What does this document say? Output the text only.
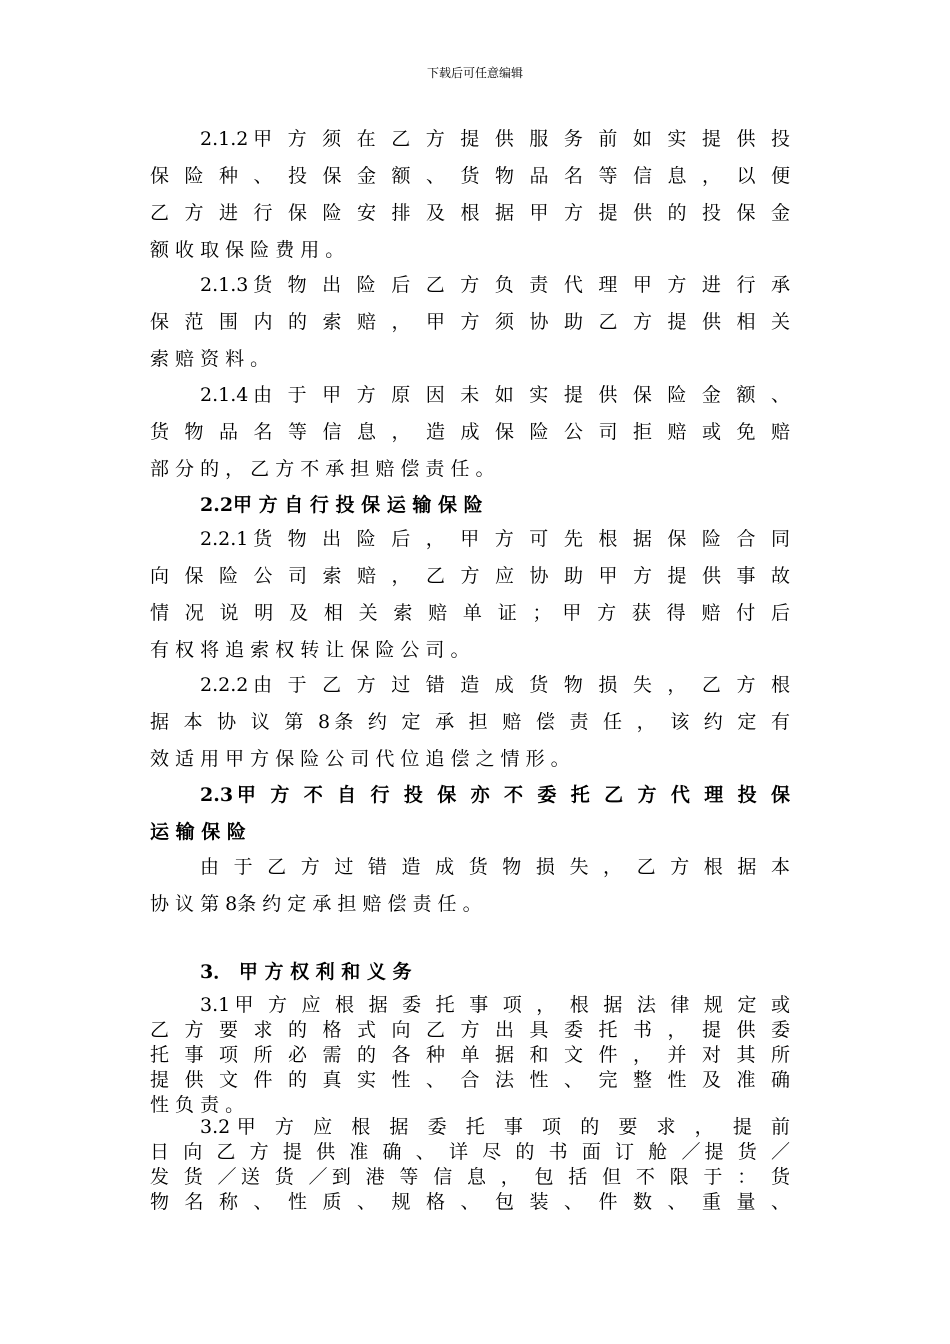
下载后可任意编辑
2.1.2甲 方 须 在 乙 方 提 供 服 务 前 如 实 提 供 投
保 险 种 、 投 保 金 额 、 货 物 品 名 等 信 息 ， 以 便
乙 方 进 行 保 险 安 排 及 根 据 甲 方 提 供 的 投 保 金
额 收 取 保 险 费 用 。
2.1.3货 物 出 险 后 乙 方 负 责 代 理 甲 方 进 行 承
保 范 围 内 的 索 赔 ， 甲 方 须 协 助 乙 方 提 供 相 关
索 赔 资 料 。
2.1.4由 于 甲 方 原 因 未 如 实 提 供 保 险 金 额 、
货 物 品 名 等 信 息 ， 造 成 保 险 公 司 拒 赔 或 免 赔
部 分 的 ， 乙 方 不 承 担 赔 偿 责 任 。
2.2甲 方 自 行 投 保 运 输 保 险
2.2.1货 物 出 险 后 ， 甲 方 可 先 根 据 保 险 合 同
向 保 险 公 司 索 赔 ， 乙 方 应 协 助 甲 方 提 供 事 故
情 况 说 明 及 相 关 索 赔 单 证 ； 甲 方 获 得 赔 付 后
有 权 将 追 索 权 转 让 保 险 公 司 。
2.2.2由 于 乙 方 过 错 造 成 货 物 损 失 ， 乙 方 根
据 本 协 议 第 8条 约 定 承 担 赔 偿 责 任 ， 该 约 定 有
效 适 用 甲 方 保 险 公 司 代 位 追 偿 之 情 形 。
2.3甲 方 不 自 行 投 保 亦 不 委 托 乙 方 代 理 投 保
运 输 保 险
由 于 乙 方 过 错 造 成 货 物 损 失 ， 乙 方 根 据 本
协 议 第 8条 约 定 承 担 赔 偿 责 任 。
3． 甲 方 权 利 和 义 务
3.1甲 方 应 根 据 委 托 事 项 ， 根 据 法 律 规 定 或
乙 方 要 求 的 格 式 向 乙 方 出 具 委 托 书 ， 提 供 委
托 事 项 所 必 需 的 各 种 单 据 和 文 件 ， 并 对 其 所
提 供 文 件 的 真 实 性 、 合 法 性 、 完 整 性 及 准 确
性 负 责 。
3.2甲 方 应 根 据 委 托 事 项 的 要 求 ， 提 前
日 向 乙 方 提 供 准 确 、 详 尽 的 书 面 订 舱 ／提 货 ／
发 货 ／送 货 ／到 港 等 信 息 ， 包 括 但 不 限 于 ： 货
物 名 称 、 性 质 、 规 格 、 包 装 、 件 数 、 重 量 、
